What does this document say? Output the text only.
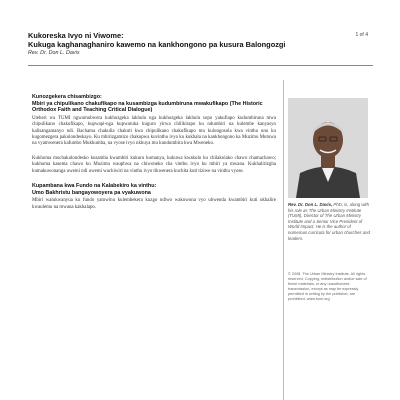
Kukoreska Ivyo ni Viwome:
Kukuga kaghanaghaniro kawemo na kankhongono pa kusura Balongozgi
Rev. Dr. Don L. Davis
1 of 4
Kunozgekera chisambizgo:
Mbiri ya chipulikano chakufikapo na kusambizga kudumbiruna mwakufikapo (The Historic Orthodox Faith and Teaching Critical Dialogue)

Uteheri wa TUMI ngwamubwera kukhozgeka lakhulu nga kukhozgeka lakhulu sopo yakufiapo kudumbiruna mwa chipulikano chakufikapo, kupwapi-nga kupwaruka kuguro yirwa chilikirapo ku ndumbiri na kulembe kanyasyo kalisangamanyo ndi. Bachama chakulia chakuti kwa chipulikano chakufikapo mu kulongosola kwa vinthu uno ku kugomezgera pakulondeskayo. Ku mbirizgamizo chakupwa kuvinthu ivyo ku kukhala na kankhongono ka Muzimu Mutuwa na vyamwenera kafumbo Mukhumba, na vyose ivyo nkhuya mu kundumbira kwa Mweneko.

Kukhoma muchakulondesko kusamba kwambiri kukuru kumanya, kukuwa kwakulo ku chilakolako chawo chamachawo; kukhoma kasema chawo ku Muzimu wauphwa na chiwoneko cha vinthu ivyo ku mbiri ya mwana. Kukhalirizgha kumakuwonanga uwemi ndi uwemi wachiwiri na vinthu ivyo tikwenera kuchita kuti tiziwe na vinthu vyose.

Kupambana kwa Fundo na Kalabekiro ka vinthu:
Umo Bakhristu bangayowoyera pa vyakuwona

Mbiri walukwanyua ku fundo yamwinu kulembekera kuzgo ndiwo wakuwona vyo ubwenda kwambiri kuti ukhalire kwaulemu na mwana kakhalapo.

Rev. Dr. Don L. Davis, PhD, is, along with his role as The Urban Ministry Institute (TUMI), Director of The Urban Ministry Institute and a Senior Vice President of World Impact. He is the author of numerous curricula for urban churches and leaders.
© 2008. The Urban Ministry Institute. All rights reserved. Copying, redistribution and/or sale of these materials, or any unauthorized transmission, except as may be expressly permitted in writing by the publisher, are prohibited. www.tumi.org
